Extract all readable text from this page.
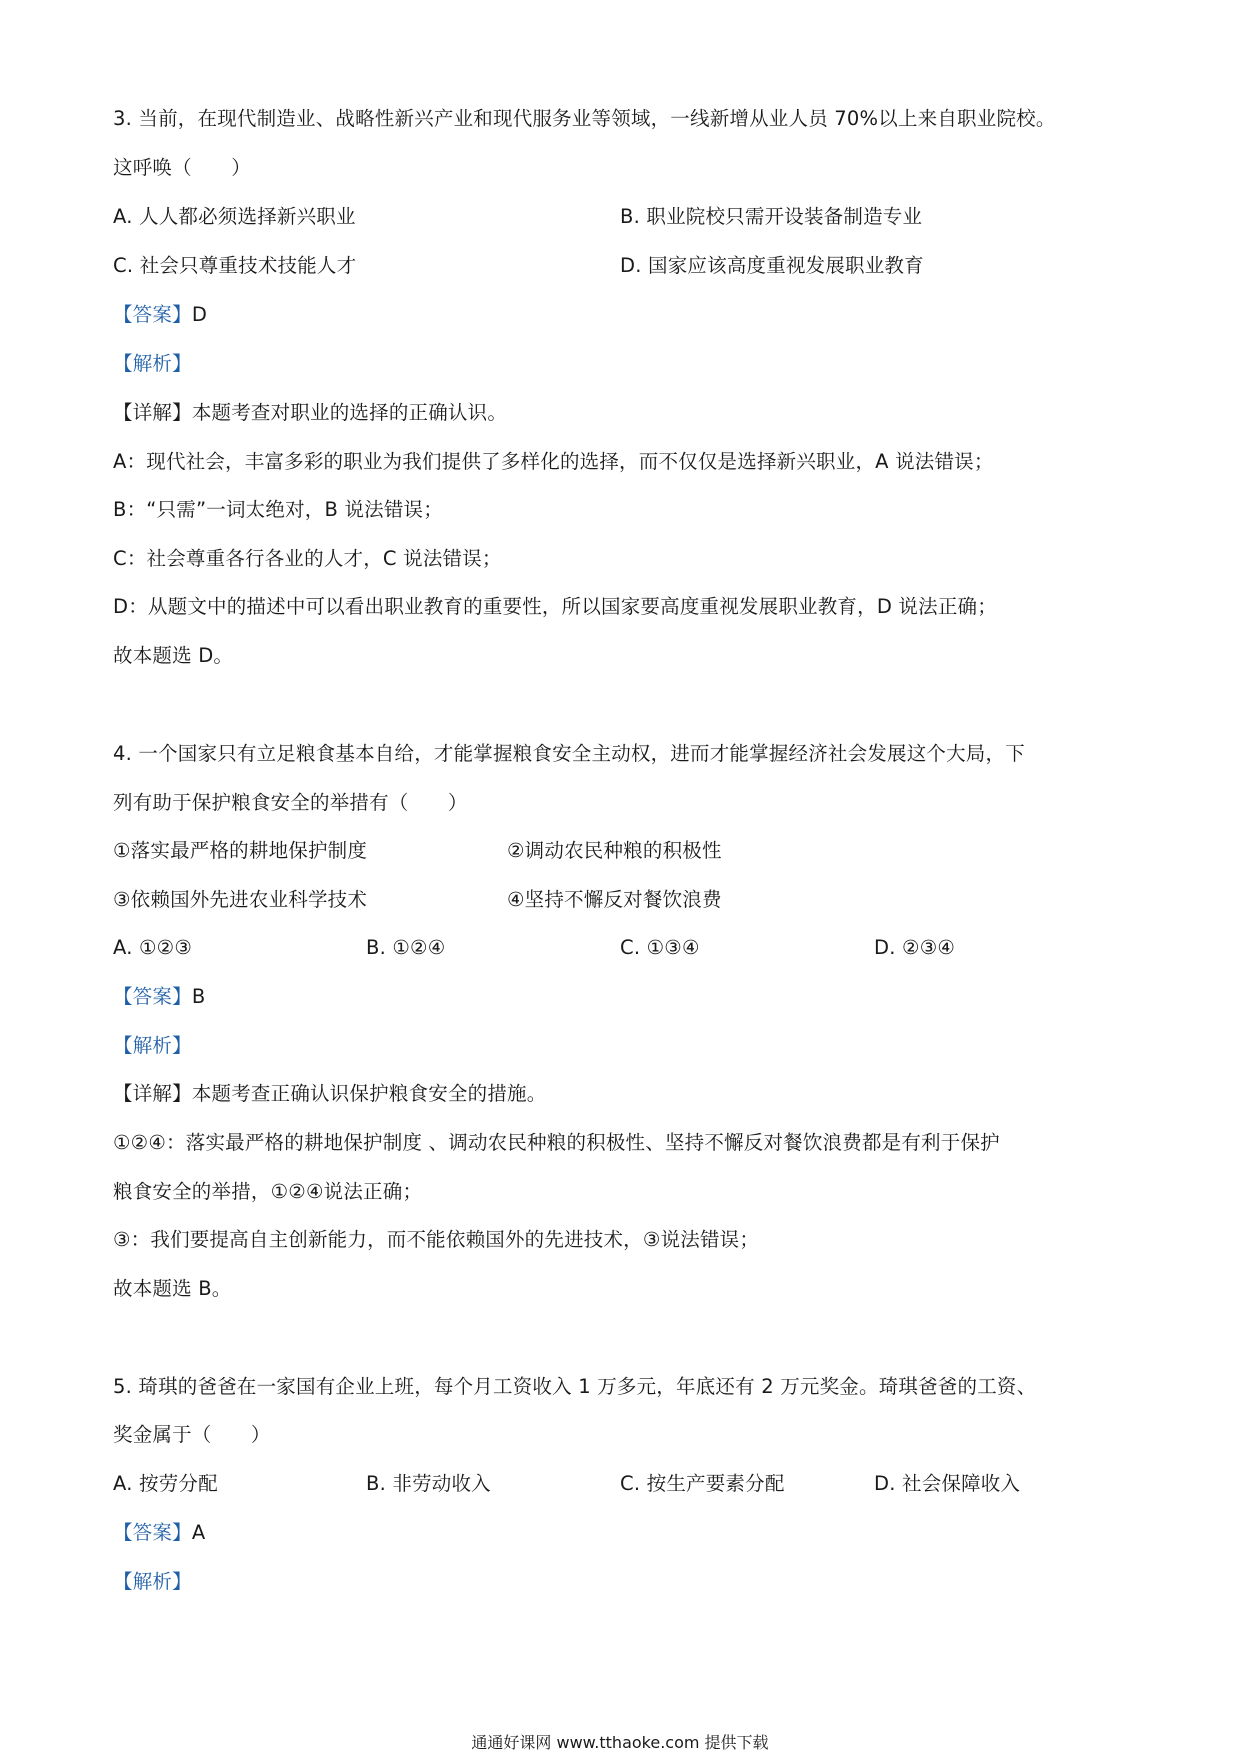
3. 当前，在现代制造业、战略性新兴产业和现代服务业等领域，一线新增从业人员 70%以上来自职业院校。
这呼唤（　　）
A. 人人都必须选择新兴职业	B. 职业院校只需开设装备制造专业
C. 社会只尊重技术技能人才	D. 国家应该高度重视发展职业教育
【答案】D
【解析】
【详解】本题考查对职业的选择的正确认识。
A：现代社会，丰富多彩的职业为我们提供了多样化的选择，而不仅仅是选择新兴职业，A 说法错误；
B：“只需”一词太绝对，B 说法错误；
C：社会尊重各行各业的人才，C 说法错误；
D：从题文中的描述中可以看出职业教育的重要性，所以国家要高度重视发展职业教育，D 说法正确；
故本题选 D。
4. 一个国家只有立足粮食基本自给，才能掌握粮食安全主动权，进而才能掌握经济社会发展这个大局，下
列有助于保护粮食安全的举措有（　　）
①落实最严格的耕地保护制度	②调动农民种粮的积极性
③依赖国外先进农业科学技术	④坚持不懈反对餐饮浪费
A. ①②③	B. ①②④	C. ①③④	D. ②③④
【答案】B
【解析】
【详解】本题考查正确认识保护粮食安全的措施。
①②④：落实最严格的耕地保护制度 、调动农民种粮的积极性、坚持不懈反对餐饮浪费都是有利于保护
粮食安全的举措，①②④说法正确；
③：我们要提高自主创新能力，而不能依赖国外的先进技术，③说法错误；
故本题选 B。
5. 琦琪的爸爸在一家国有企业上班，每个月工资收入 1 万多元，年底还有 2 万元奖金。琦琪爸爸的工资、
奖金属于（　　）
A. 按劳分配	B. 非劳动收入	C. 按生产要素分配	D. 社会保障收入
【答案】A
【解析】
通通好课网 www.tthaoke.com 提供下载
